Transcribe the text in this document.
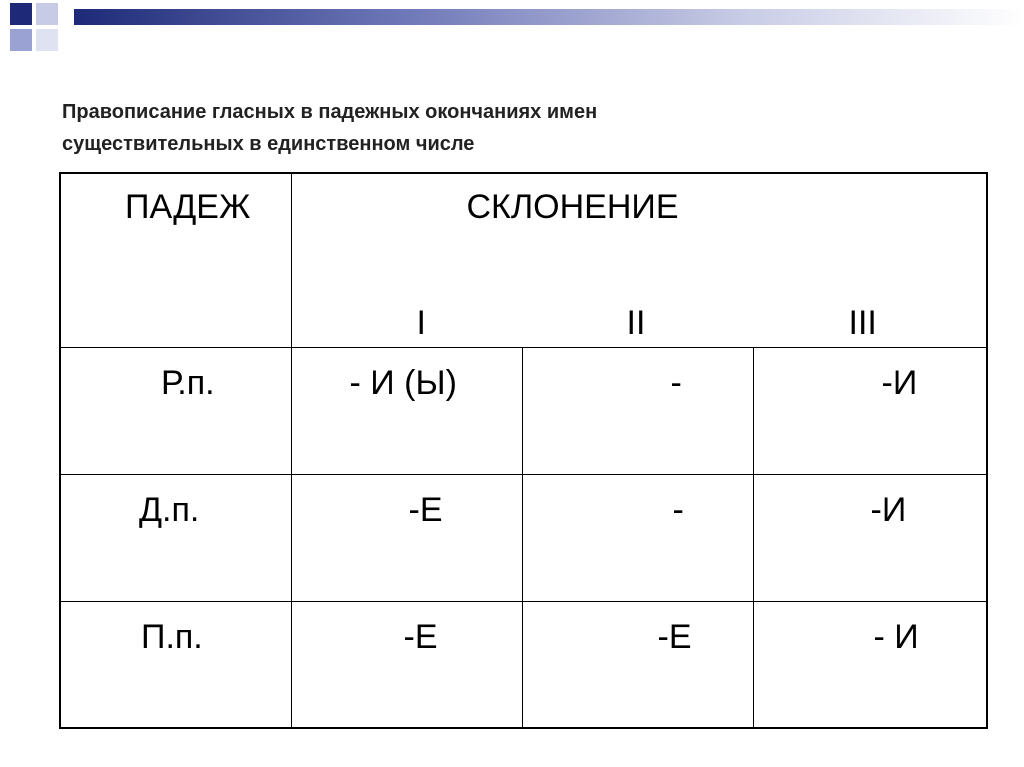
Правописание гласных в падежных окончаниях имен
существительных в единственном числе
ПАДЕЖ	СКЛОНЕНИЕ
I II III		

Р.п.	- И (Ы)	-	-И

Д.п.	-Е	-	-И

П.п.	-Е	-Е	- И
